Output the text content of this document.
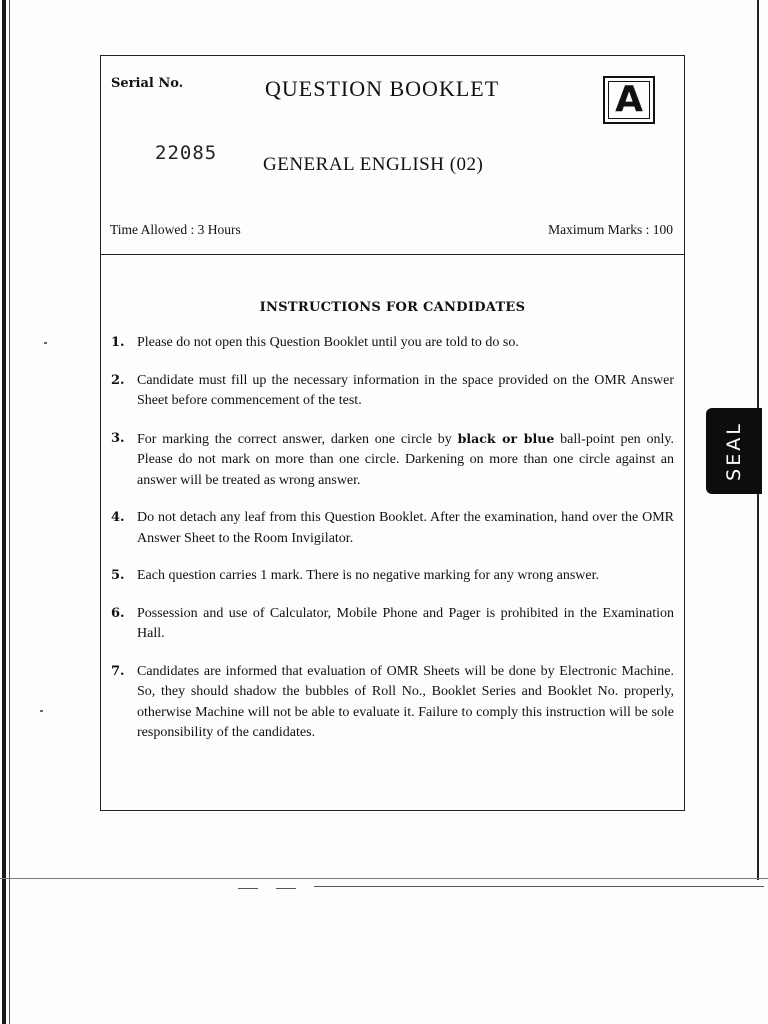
SEAL
Serial No.
22085
QUESTION BOOKLET
GENERAL ENGLISH (02)
A
Time Allowed : 3 Hours	Maximum Marks : 100
INSTRUCTIONS FOR CANDIDATES
1. Please do not open this Question Booklet until you are told to do so.
2. Candidate must fill up the necessary information in the space provided on the OMR Answer Sheet before commencement of the test.
3. For marking the correct answer, darken one circle by black or blue ball-point pen only. Please do not mark on more than one circle. Darkening on more than one circle against an answer will be treated as wrong answer.
4. Do not detach any leaf from this Question Booklet. After the examination, hand over the OMR Answer Sheet to the Room Invigilator.
5. Each question carries 1 mark. There is no negative marking for any wrong answer.
6. Possession and use of Calculator, Mobile Phone and Pager is prohibited in the Examination Hall.
7. Candidates are informed that evaluation of OMR Sheets will be done by Electronic Machine. So, they should shadow the bubbles of Roll No., Booklet Series and Booklet No. properly, otherwise Machine will not be able to evaluate it. Failure to comply this instruction will be sole responsibility of the candidates.
